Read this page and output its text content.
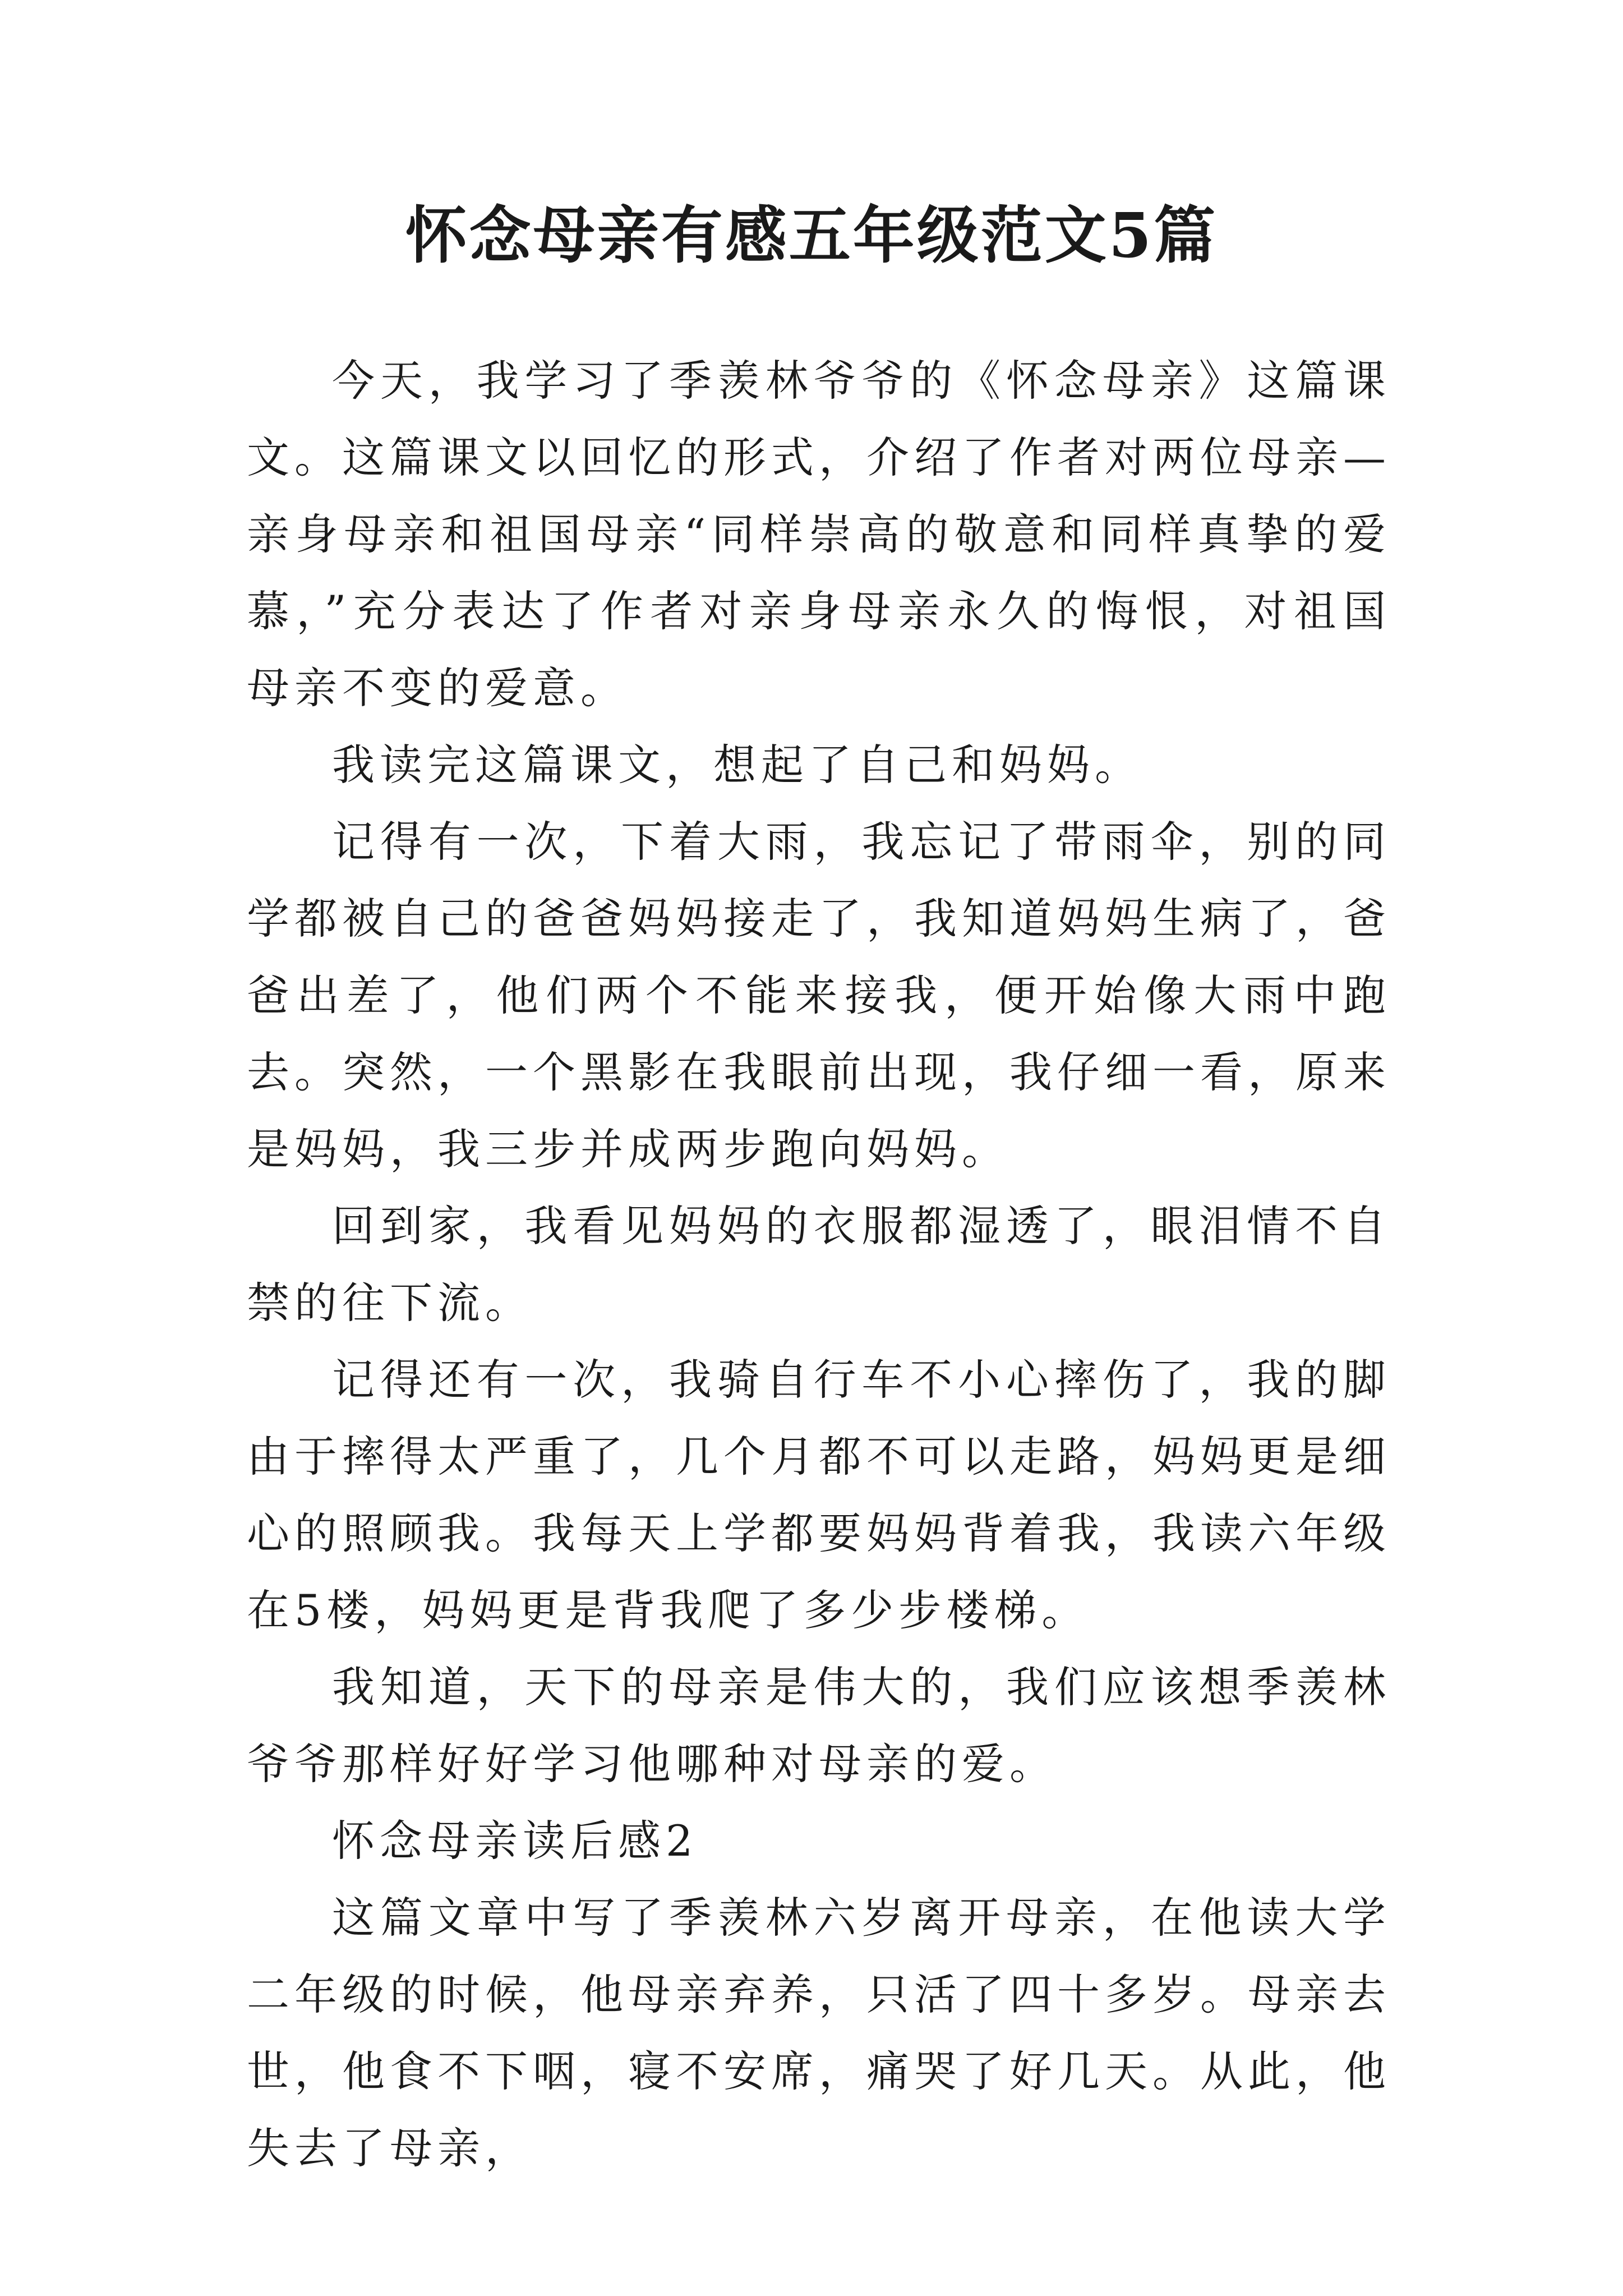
怀念母亲有感五年级范文5篇

今天，我学习了季羡林爷爷的《怀念母亲》这篇课文。这篇课文以回忆的形式，介绍了作者对两位母亲—亲身母亲和祖国母亲“同样崇高的敬意和同样真挚的爱慕，”充分表达了作者对亲身母亲永久的悔恨，对祖国母亲不变的爱意。

我读完这篇课文，想起了自己和妈妈。

记得有一次，下着大雨，我忘记了带雨伞，别的同学都被自己的爸爸妈妈接走了，我知道妈妈生病了，爸爸出差了，他们两个不能来接我，便开始像大雨中跑去。突然，一个黑影在我眼前出现，我仔细一看，原来是妈妈，我三步并成两步跑向妈妈。

回到家，我看见妈妈的衣服都湿透了，眼泪情不自禁的往下流。

记得还有一次，我骑自行车不小心摔伤了，我的脚由于摔得太严重了，几个月都不可以走路，妈妈更是细心的照顾我。我每天上学都要妈妈背着我，我读六年级在5楼，妈妈更是背我爬了多少步楼梯。

我知道，天下的母亲是伟大的，我们应该想季羡林爷爷那样好好学习他哪种对母亲的爱。

怀念母亲读后感2

这篇文章中写了季羡林六岁离开母亲，在他读大学二年级的时候，他母亲弃养，只活了四十多岁。母亲去世，他食不下咽，寝不安席，痛哭了好几天。从此，他失去了母亲，
